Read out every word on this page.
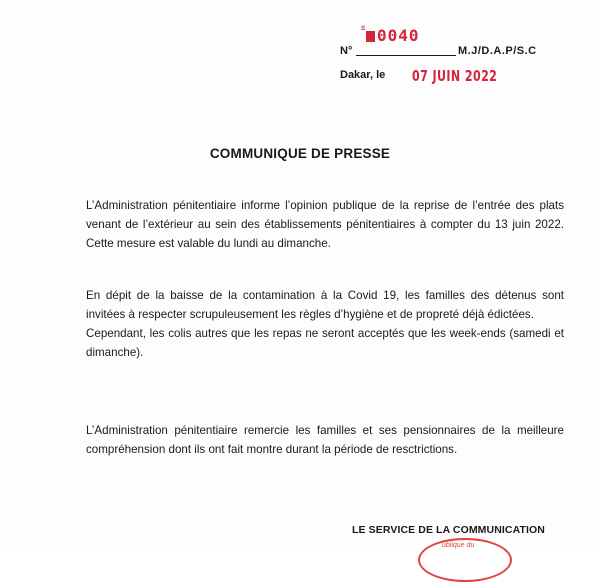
N°
≡ 0040
M.J/D.A.P/S.C
Dakar, le 07 JUIN 2022
COMMUNIQUE DE PRESSE
L’Administration pénitentiaire informe l’opinion publique de la reprise de l’entrée des plats venant de l’extérieur au sein des établissements pénitentiaires à compter du 13 juin 2022. Cette mesure est valable du lundi au dimanche.
En dépit de la baisse de la contamination à la Covid 19, les familles des détenus sont invitées à respecter scrupuleusement les règles d’hygiène et de propreté déjà édictées.
Cependant, les colis autres que les repas ne seront acceptés que les week-ends (samedi et dimanche).
L’Administration pénitentiaire remercie les familles et ses pensionnaires de la meilleure compréhension dont ils ont fait montre durant la période de resctrictions.
LE SERVICE DE LA COMMUNICATION
ublique du
